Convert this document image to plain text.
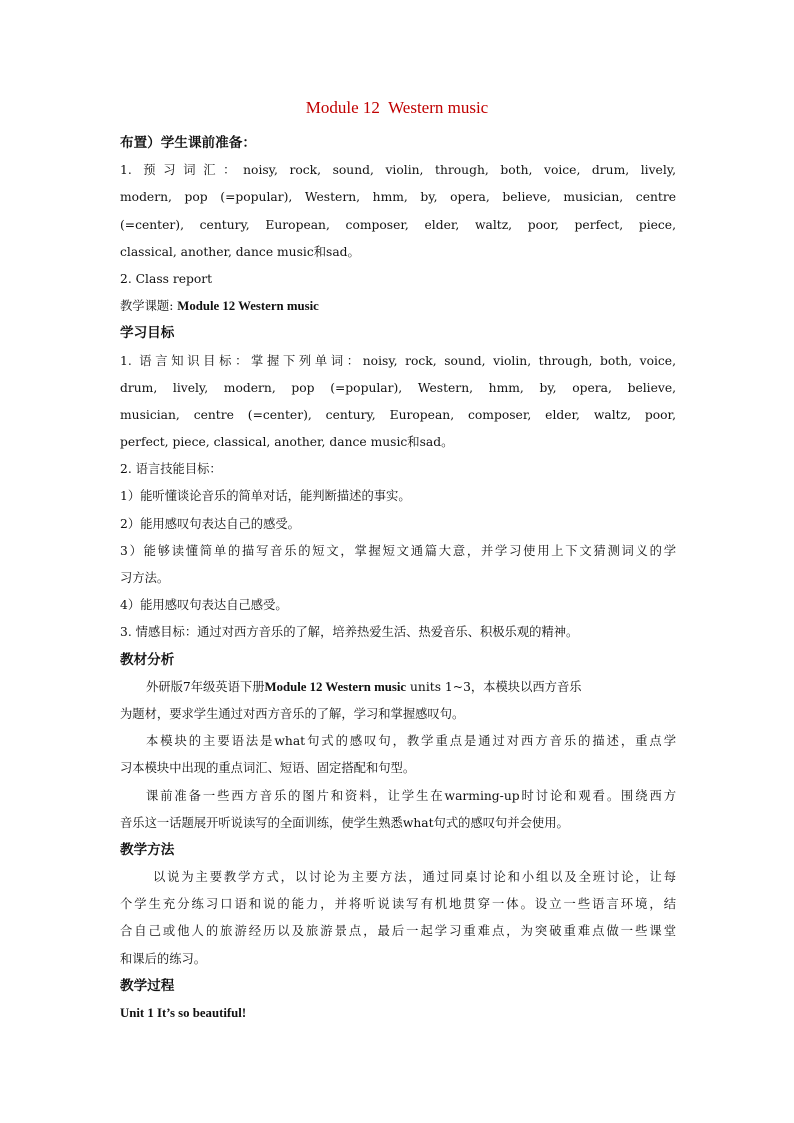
Module 12  Western music
布置）学生课前准备：
1. 预习词汇：noisy, rock, sound, violin, through, both, voice, drum, lively,
modern, pop (=popular), Western, hmm, by, opera, believe, musician, centre
(=center), century, European, composer, elder, waltz, poor, perfect, piece,
classical, another, dance music和sad。
2. Class report
教学课题: Module 12 Western music
学习目标
1. 语言知识目标：掌握下列单词：noisy, rock, sound, violin, through, both, voice,
drum, lively, modern, pop (=popular), Western, hmm, by, opera, believe,
musician, centre (=center), century, European, composer, elder, waltz, poor,
perfect, piece, classical, another, dance music和sad。
2. 语言技能目标：
1）能听懂谈论音乐的简单对话，能判断描述的事实。
2）能用感叹句表达自己的感受。
3）能够读懂简单的描写音乐的短文，掌握短文通篇大意，并学习使用上下文猜测词义的学
习方法。
4）能用感叹句表达自己感受。
3. 情感目标：通过对西方音乐的了解，培养热爱生活、热爱音乐、积极乐观的精神。
教材分析
外研版7年级英语下册Module 12 Western music units 1~3，本模块以西方音乐
为题材，要求学生通过对西方音乐的了解，学习和掌握感叹句。
本模块的主要语法是what句式的感叹句，教学重点是通过对西方音乐的描述，重点学
习本模块中出现的重点词汇、短语、固定搭配和句型。
课前准备一些西方音乐的图片和资料，让学生在warming-up时讨论和观看。围绕西方
音乐这一话题展开听说读写的全面训练，使学生熟悉what句式的感叹句并会使用。
教学方法
以说为主要教学方式，以讨论为主要方法，通过同桌讨论和小组以及全班讨论，让每
个学生充分练习口语和说的能力，并将听说读写有机地贯穿一体。设立一些语言环境，结
合自己或他人的旅游经历以及旅游景点，最后一起学习重难点，为突破重难点做一些课堂
和课后的练习。
教学过程
Unit 1 It’s so beautiful!
